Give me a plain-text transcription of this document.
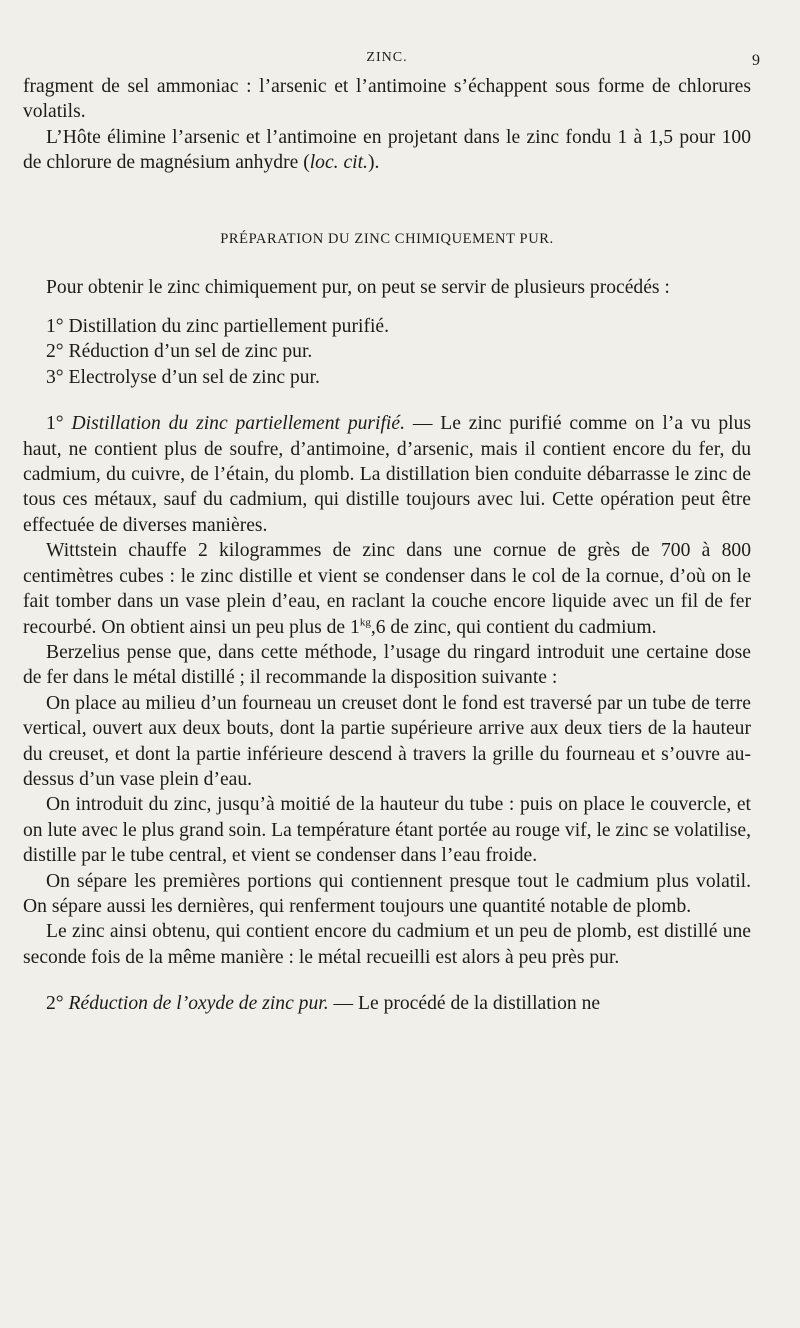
ZINC.	9

fragment de sel ammoniac : l’arsenic et l’antimoine s’échappent sous forme de chlorures volatils.

L’Hôte élimine l’arsenic et l’antimoine en projetant dans le zinc fondu 1 à 1,5 pour 100 de chlorure de magnésium anhydre (loc. cit.).

PRÉPARATION DU ZINC CHIMIQUEMENT PUR.

Pour obtenir le zinc chimiquement pur, on peut se servir de plusieurs procédés :

1° Distillation du zinc partiellement purifié.

2° Réduction d’un sel de zinc pur.

3° Electrolyse d’un sel de zinc pur.

1° Distillation du zinc partiellement purifié. — Le zinc purifié comme on l’a vu plus haut, ne contient plus de soufre, d’antimoine, d’arsenic, mais il contient encore du fer, du cadmium, du cuivre, de l’étain, du plomb. La distillation bien conduite débarrasse le zinc de tous ces métaux, sauf du cadmium, qui distille toujours avec lui. Cette opération peut être effectuée de diverses manières.

Wittstein chauffe 2 kilogrammes de zinc dans une cornue de grès de 700 à 800 centimètres cubes : le zinc distille et vient se condenser dans le col de la cornue, d’où on le fait tomber dans un vase plein d’eau, en raclant la couche encore liquide avec un fil de fer recourbé. On obtient ainsi un peu plus de $1^{kg},6$ de zinc, qui contient du cadmium.

Berzelius pense que, dans cette méthode, l’usage du ringard introduit une certaine dose de fer dans le métal distillé ; il recommande la disposition suivante :

On place au milieu d’un fourneau un creuset dont le fond est traversé par un tube de terre vertical, ouvert aux deux bouts, dont la partie supérieure arrive aux deux tiers de la hauteur du creuset, et dont la partie inférieure descend à travers la grille du fourneau et s’ouvre au-dessus d’un vase plein d’eau.

On introduit du zinc, jusqu’à moitié de la hauteur du tube : puis on place le couvercle, et on lute avec le plus grand soin. La température étant portée au rouge vif, le zinc se volatilise, distille par le tube central, et vient se condenser dans l’eau froide.

On sépare les premières portions qui contiennent presque tout le cadmium plus volatil. On sépare aussi les dernières, qui renferment toujours une quantité notable de plomb.

Le zinc ainsi obtenu, qui contient encore du cadmium et un peu de plomb, est distillé une seconde fois de la même manière : le métal recueilli est alors à peu près pur.

2° Réduction de l’oxyde de zinc pur. — Le procédé de la distillation ne
